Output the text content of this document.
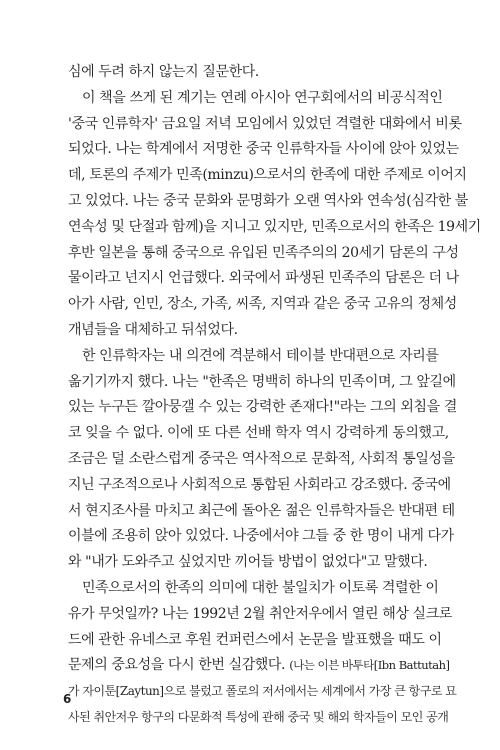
심에 두려 하지 않는지 질문한다.
이 책을 쓰게 된 계기는 연례 아시아 연구회에서의 비공식적인
'중국 인류학자' 금요일 저녁 모임에서 있었던 격렬한 대화에서 비롯
되었다. 나는 학계에서 저명한 중국 인류학자들 사이에 앉아 있었는
데, 토론의 주제가 민족(minzu)으로서의 한족에 대한 주제로 이어지
고 있었다. 나는 중국 문화와 문명화가 오랜 역사와 연속성(심각한 불
연속성 및 단절과 함께)을 지니고 있지만, 민족으로서의 한족은 19세기
후반 일본을 통해 중국으로 유입된 민족주의의 20세기 담론의 구성
물이라고 넌지시 언급했다. 외국에서 파생된 민족주의 담론은 더 나
아가 사람, 인민, 장소, 가족, 씨족, 지역과 같은 중국 고유의 정체성
개념들을 대체하고 뒤섞었다.
한 인류학자는 내 의견에 격분해서 테이블 반대편으로 자리를
옮기기까지 했다. 나는 "한족은 명백히 하나의 민족이며, 그 앞길에
있는 누구든 깔아뭉갤 수 있는 강력한 존재다!"라는 그의 외침을 결
코 잊을 수 없다. 이에 또 다른 선배 학자 역시 강력하게 동의했고,
조금은 덜 소란스럽게 중국은 역사적으로 문화적, 사회적 통일성을
지닌 구조적으로나 사회적으로 통합된 사회라고 강조했다. 중국에
서 현지조사를 마치고 최근에 돌아온 젊은 인류학자들은 반대편 테
이블에 조용히 앉아 있었다. 나중에서야 그들 중 한 명이 내게 다가
와 "내가 도와주고 싶었지만 끼어들 방법이 없었다"고 말했다.
민족으로서의 한족의 의미에 대한 불일치가 이토록 격렬한 이
유가 무엇일까? 나는 1992년 2월 취안저우에서 열린 해상 실크로
드에 관한 유네스코 후원 컨퍼런스에서 논문을 발표했을 때도 이
문제의 중요성을 다시 한번 실감했다. (나는 이븐 바투타[Ibn Battutah]
가 자이툰[Zaytun]으로 불렀고 폴로의 저서에서는 세계에서 가장 큰 항구로 묘
사된 취안저우 항구의 다문화적 특성에 관해 중국 및 해외 학자들이 모인 공개
6
